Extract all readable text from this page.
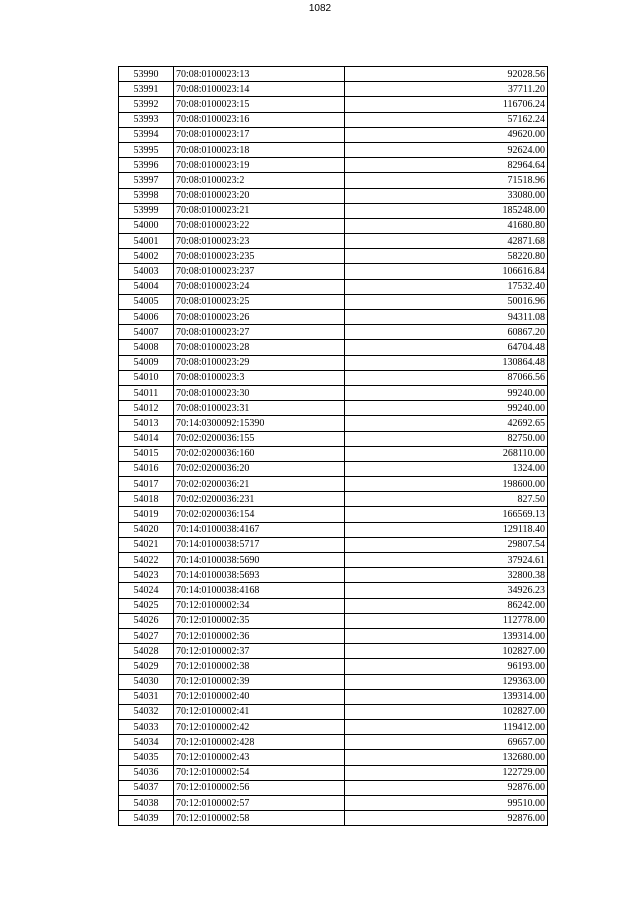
1082
53990	70:08:0100023:13	92028.56
53991	70:08:0100023:14	37711.20
53992	70:08:0100023:15	116706.24
53993	70:08:0100023:16	57162.24
53994	70:08:0100023:17	49620.00
53995	70:08:0100023:18	92624.00
53996	70:08:0100023:19	82964.64
53997	70:08:0100023:2	71518.96
53998	70:08:0100023:20	33080.00
53999	70:08:0100023:21	185248.00
54000	70:08:0100023:22	41680.80
54001	70:08:0100023:23	42871.68
54002	70:08:0100023:235	58220.80
54003	70:08:0100023:237	106616.84
54004	70:08:0100023:24	17532.40
54005	70:08:0100023:25	50016.96
54006	70:08:0100023:26	94311.08
54007	70:08:0100023:27	60867.20
54008	70:08:0100023:28	64704.48
54009	70:08:0100023:29	130864.48
54010	70:08:0100023:3	87066.56
54011	70:08:0100023:30	99240.00
54012	70:08:0100023:31	99240.00
54013	70:14:0300092:15390	42692.65
54014	70:02:0200036:155	82750.00
54015	70:02:0200036:160	268110.00
54016	70:02:0200036:20	1324.00
54017	70:02:0200036:21	198600.00
54018	70:02:0200036:231	827.50
54019	70:02:0200036:154	166569.13
54020	70:14:0100038:4167	129118.40
54021	70:14:0100038:5717	29807.54
54022	70:14:0100038:5690	37924.61
54023	70:14:0100038:5693	32800.38
54024	70:14:0100038:4168	34926.23
54025	70:12:0100002:34	86242.00
54026	70:12:0100002:35	112778.00
54027	70:12:0100002:36	139314.00
54028	70:12:0100002:37	102827.00
54029	70:12:0100002:38	96193.00
54030	70:12:0100002:39	129363.00
54031	70:12:0100002:40	139314.00
54032	70:12:0100002:41	102827.00
54033	70:12:0100002:42	119412.00
54034	70:12:0100002:428	69657.00
54035	70:12:0100002:43	132680.00
54036	70:12:0100002:54	122729.00
54037	70:12:0100002:56	92876.00
54038	70:12:0100002:57	99510.00
54039	70:12:0100002:58	92876.00
